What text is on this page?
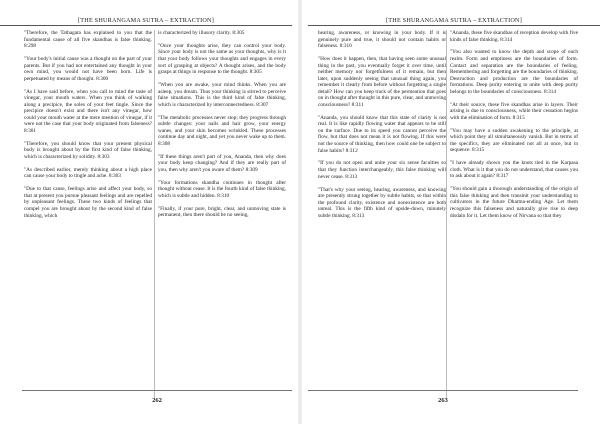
[THE SHURANGAMA SUTRA – EXTRACTION]

"Therefore, the Tathagata has explained to you that the fundamental cause of all five skandhas is false thinking. 8:298

"Your body's initial cause was a thought on the part of your parents. But if you had not entertained any thought in your own mind, you would not have been born. Life is perpetuated by means of thought. 8:300

"As I have said before, when you call to mind the taste of vinegar, your mouth waters. When you think of walking along a precipice, the soles of your feet tingle. Since the precipice doesn't exist and there isn't any vinegar, how could your mouth water at the mere mention of vinegar, if it were not the case that your body originated from falseness? 8:301

"Therefore, you should know that your present physical body is brought about by the first kind of false thinking, which is characterized by solidity. 8:303

"As described earlier, merely thinking about a high place can cause your body to tingle and ache. 8:303

"Due to that cause, feelings arise and affect your body, so that at present you pursue pleasant feelings and are repelled by unpleasant feelings. These two kinds of feelings that compel you are brought about by the second kind of false thinking, which

is characterized by illusory clarity. 8:305

"Once your thoughts arise, they can control your body. Since your body is not the same as your thoughts, why is it that your body follows your thoughts and engages in every sort of grasping at objects? A thought arises, and the body grasps at things in response to the thought. 8:305

"When you are awake, your mind thinks. When you are asleep, you dream. Thus your thinking is stirred to perceive false situations. This is the third kind of false thinking, which is characterized by interconnectedness. 8:307

"The metabolic processes never stop; they progress through subtle changes: your nails and hair grow, your energy wanes, and your skin becomes wrinkled. These processes continue day and night, and yet you never wake up to them. 8:308

"If these things aren't part of you, Ananda, then why does your body keep changing? And if they are really part of you, then why aren't you aware of them? 8:309

"Your formations skandha continues in thought after thought without cease. It is the fourth kind of false thinking, which is subtle and hidden. 8:310

"Finally, if your pure, bright, clear, and unmoving state is permanent, then there should be no seeing,

262
[THE SHURANGAMA SUTRA – EXTRACTION]

hearing, awareness, or knowing in your body. If it is genuinely pure and true, it should not contain habits or falseness. 8:310

"How does it happen, then, that having seen some unusual thing in the past, you eventually forget it over time, until neither memory nor forgetfulness of it remain, but then later, upon suddenly seeing that unusual thing again, you remember it clearly from before without forgetting a single detail? How can you keep track of the permeation that goes on in thought after thought in this pure, clear, and unmoving consciousness? 8:311

"Ananda, you should know that this state of clarity is not real. It is like rapidly flowing water that appears to be still on the surface. Due to its speed you cannot perceive the flow, but that does not mean it is not flowing. If this were not the source of thinking, then how could one be subject to false habits? 8:312

"If you do not open and unite your six sense faculties so that they function interchangeably, this false thinking will never cease. 8:313

"That's why your seeing, hearing, awareness, and knowing are presently strung together by subtle habits, so that within the profound clarity, existence and nonexistence are both unreal. This is the fifth kind of upside-down, minutely subtle thinking. 8:313

"Ananda, these five skandhas of reception develop with five kinds of false thinking. 8:314

"You also wanted to know the depth and scope of each realm. Form and emptiness are the boundaries of form. Contact and separation are the boundaries of feeling. Remembering and forgetting are the boundaries of thinking. Destruction and production are the boundaries of formations. Deep purity entering to unite with deep purity belongs to the boundaries of consciousness. 8:314

"At their source, these five skandhas arise in layers. Their arising is due to consciousness, while their cessation begins with the elimination of form. 8:315

"You may have a sudden awakening to the principle, at which point they all simultaneously vanish. But in terms of the specifics, they are eliminated not all at once, but in sequence. 8:315

"I have already shown you the knots tied in the Karpasa cloth. What is it that you do not understand, that causes you to ask about it again? 8:317

"You should gain a thorough understanding of the origin of this false thinking and then transmit your understanding to cultivators in the future Dharma-ending Age. Let them recognize this falseness and naturally give rise to deep disdain for it. Let them know of Nirvana so that they

263
